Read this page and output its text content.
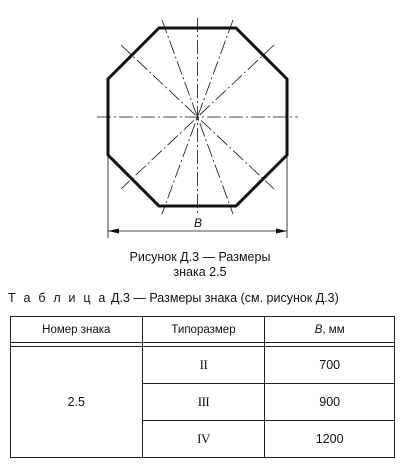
B
Рисунок Д.3 — Размеры
знака 2.5
Т а б л и ц а Д.3 — Размеры знака (см. рисунок Д.3)
Номер знака	Типоразмер	B, мм

2.5	II	700
	III	900
	IV	1200
